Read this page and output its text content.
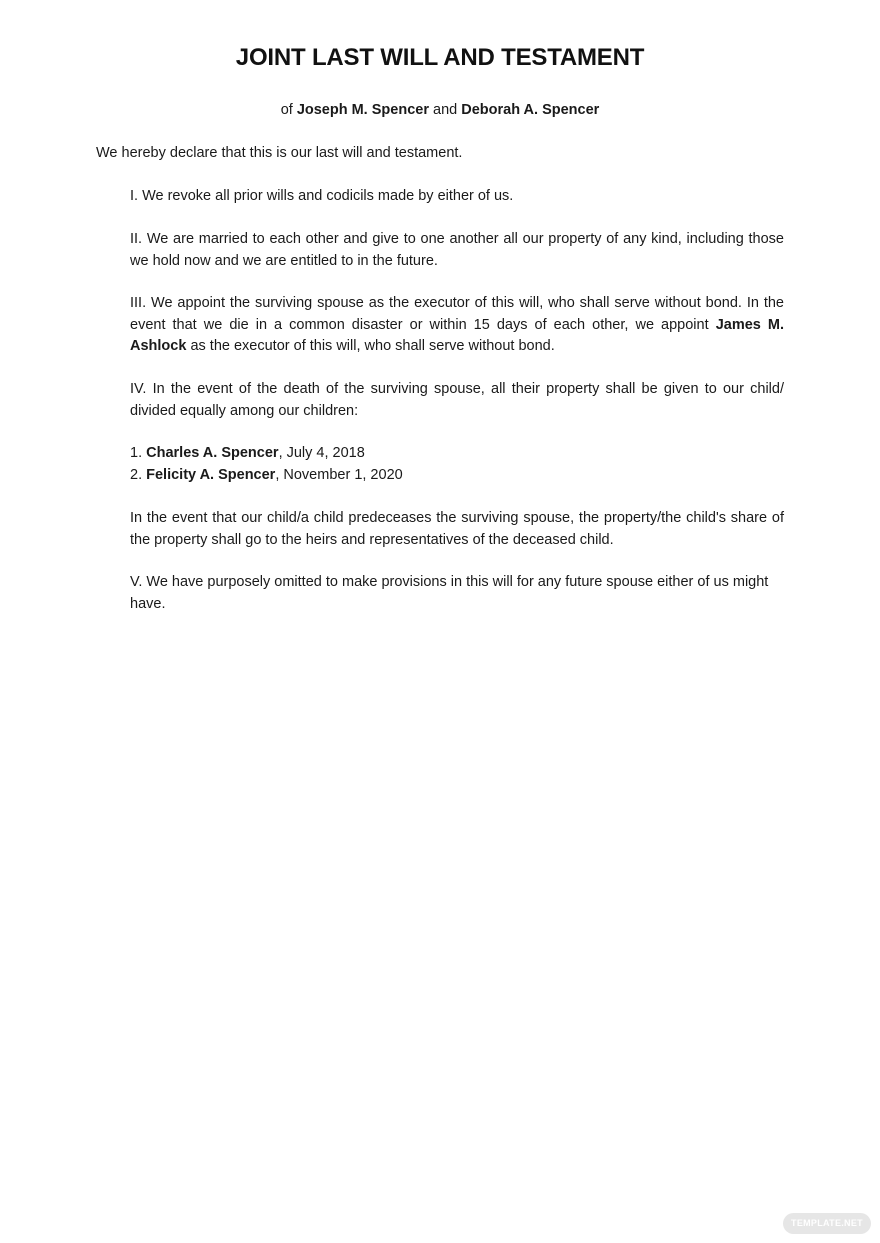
JOINT LAST WILL AND TESTAMENT
of Joseph M. Spencer and Deborah A. Spencer

We hereby declare that this is our last will and testament.

I. We revoke all prior wills and codicils made by either of us.

II. We are married to each other and give to one another all our property of any kind, including those we hold now and we are entitled to in the future.

III. We appoint the surviving spouse as the executor of this will, who shall serve without bond. In the event that we die in a common disaster or within 15 days of each other, we appoint James M. Ashlock as the executor of this will, who shall serve without bond.

IV. In the event of the death of the surviving spouse, all their property shall be given to our child/ divided equally among our children:

1. Charles A. Spencer, July 4, 2018
2. Felicity A. Spencer, November 1, 2020

In the event that our child/a child predeceases the surviving spouse, the property/the child's share of the property shall go to the heirs and representatives of the deceased child.

V. We have purposely omitted to make provisions in this will for any future spouse either of us might have.

TEMPLATE.NET
